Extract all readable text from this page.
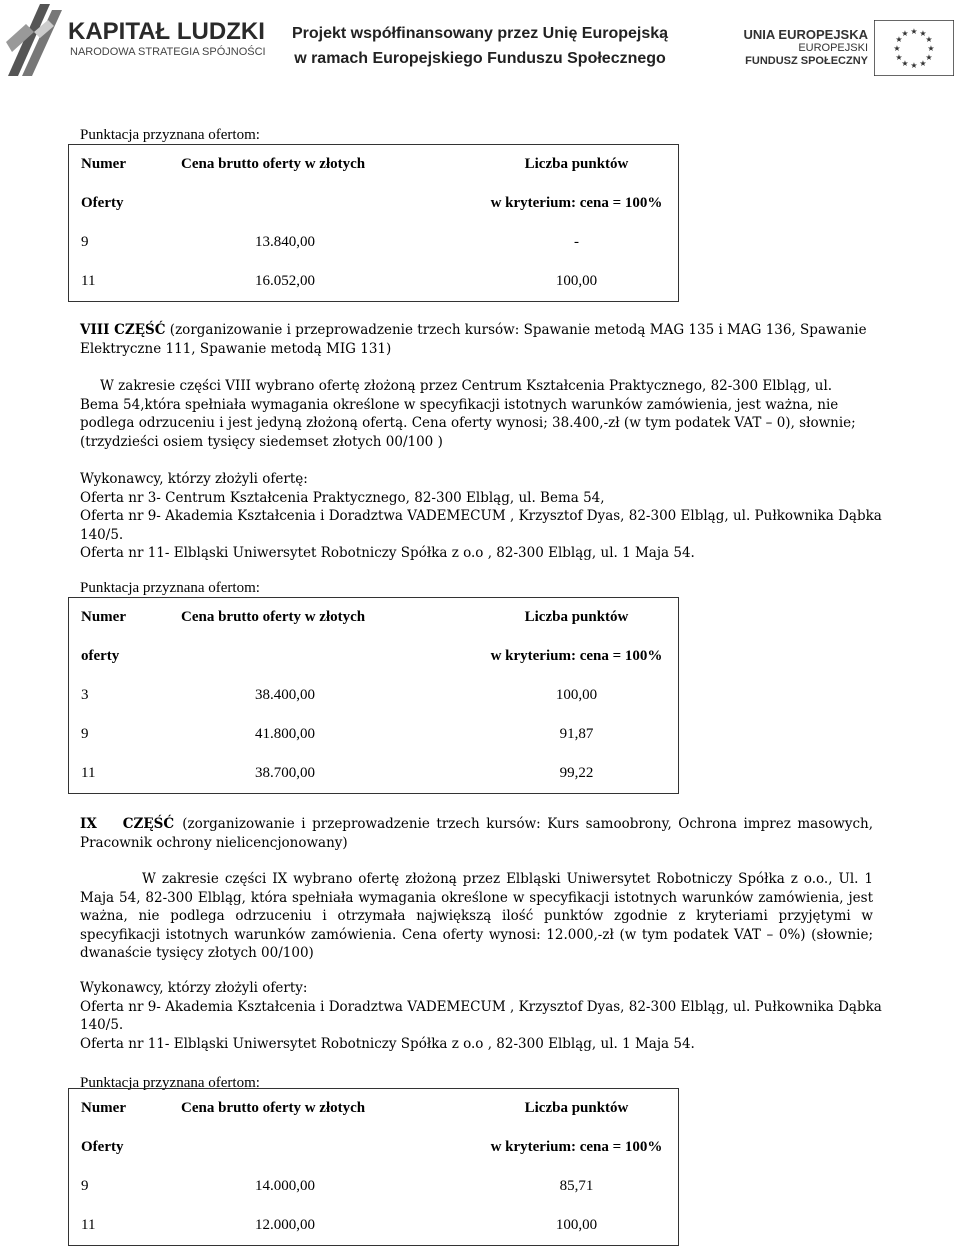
KAPITAŁ LUDZKI
NARODOWA STRATEGIA SPÓJNOŚCI
Projekt współfinansowany przez Unię Europejską
w ramach Europejskiego Funduszu Społecznego
UNIA EUROPEJSKA
EUROPEJSKI
FUNDUSZ SPOŁECZNY
★ ★
★
★
★
★
★
★
★
★
★
★
Punktacja przyznana ofertom:
Numer	Cena brutto oferty w złotych	Liczba punktów
Oferty		w kryterium: cena = 100%
9	13.840,00	-
11	16.052,00	100,00
VIII CZĘŚĆ (zorganizowanie i przeprowadzenie trzech kursów: Spawanie metodą MAG 135 i MAG 136, Spawanie Elektryczne 111, Spawanie metodą MIG 131)
W zakresie części VIII wybrano ofertę złożoną przez Centrum Kształcenia Praktycznego, 82-300 Elbląg, ul.
Bema 54,która spełniała wymagania określone w specyfikacji istotnych warunków zamówienia, jest ważna, nie
podlega odrzuceniu i jest jedyną złożoną ofertą. Cena oferty wynosi; 38.400,-zł (w tym podatek VAT – 0), słownie;
(trzydzieści osiem tysięcy siedemset złotych 00/100 )
Wykonawcy, którzy złożyli ofertę:
Oferta nr 3- Centrum Kształcenia Praktycznego, 82-300 Elbląg, ul. Bema 54,
Oferta nr 9- Akademia Kształcenia i Doradztwa VADEMECUM , Krzysztof Dyas, 82-300 Elbląg, ul. Pułkownika Dąbka
140/5.
Oferta nr 11- Elbląski Uniwersytet Robotniczy Spółka z o.o , 82-300 Elbląg, ul. 1 Maja 54.
Punktacja przyznana ofertom:
Numer	Cena brutto oferty w złotych	Liczba punktów
oferty		w kryterium: cena = 100%
3	38.400,00	100,00
9	41.800,00	91,87
11	38.700,00	99,22
IX CZĘŚĆ (zorganizowanie i przeprowadzenie trzech kursów: Kurs samoobrony, Ochrona imprez masowych, Pracownik ochrony nielicencjonowany)
W zakresie części IX wybrano ofertę złożoną przez Elbląski Uniwersytet Robotniczy Spółka z o.o., Ul. 1 Maja 54, 82-300 Elbląg, która spełniała wymagania określone w specyfikacji istotnych warunków zamówienia, jest ważna, nie podlega odrzuceniu i otrzymała największą ilość punktów zgodnie z kryteriami przyjętymi w specyfikacji istotnych warunków zamówienia. Cena oferty wynosi: 12.000,-zł (w tym podatek VAT – 0%) (słownie; dwanaście tysięcy złotych 00/100)
Wykonawcy, którzy złożyli oferty:
Oferta nr 9- Akademia Kształcenia i Doradztwa VADEMECUM , Krzysztof Dyas, 82-300 Elbląg, ul. Pułkownika Dąbka
140/5.
Oferta nr 11- Elbląski Uniwersytet Robotniczy Spółka z o.o , 82-300 Elbląg, ul. 1 Maja 54.
Punktacja przyznana ofertom:
Numer	Cena brutto oferty w złotych	Liczba punktów
Oferty		w kryterium: cena = 100%
9	14.000,00	85,71
11	12.000,00	100,00
